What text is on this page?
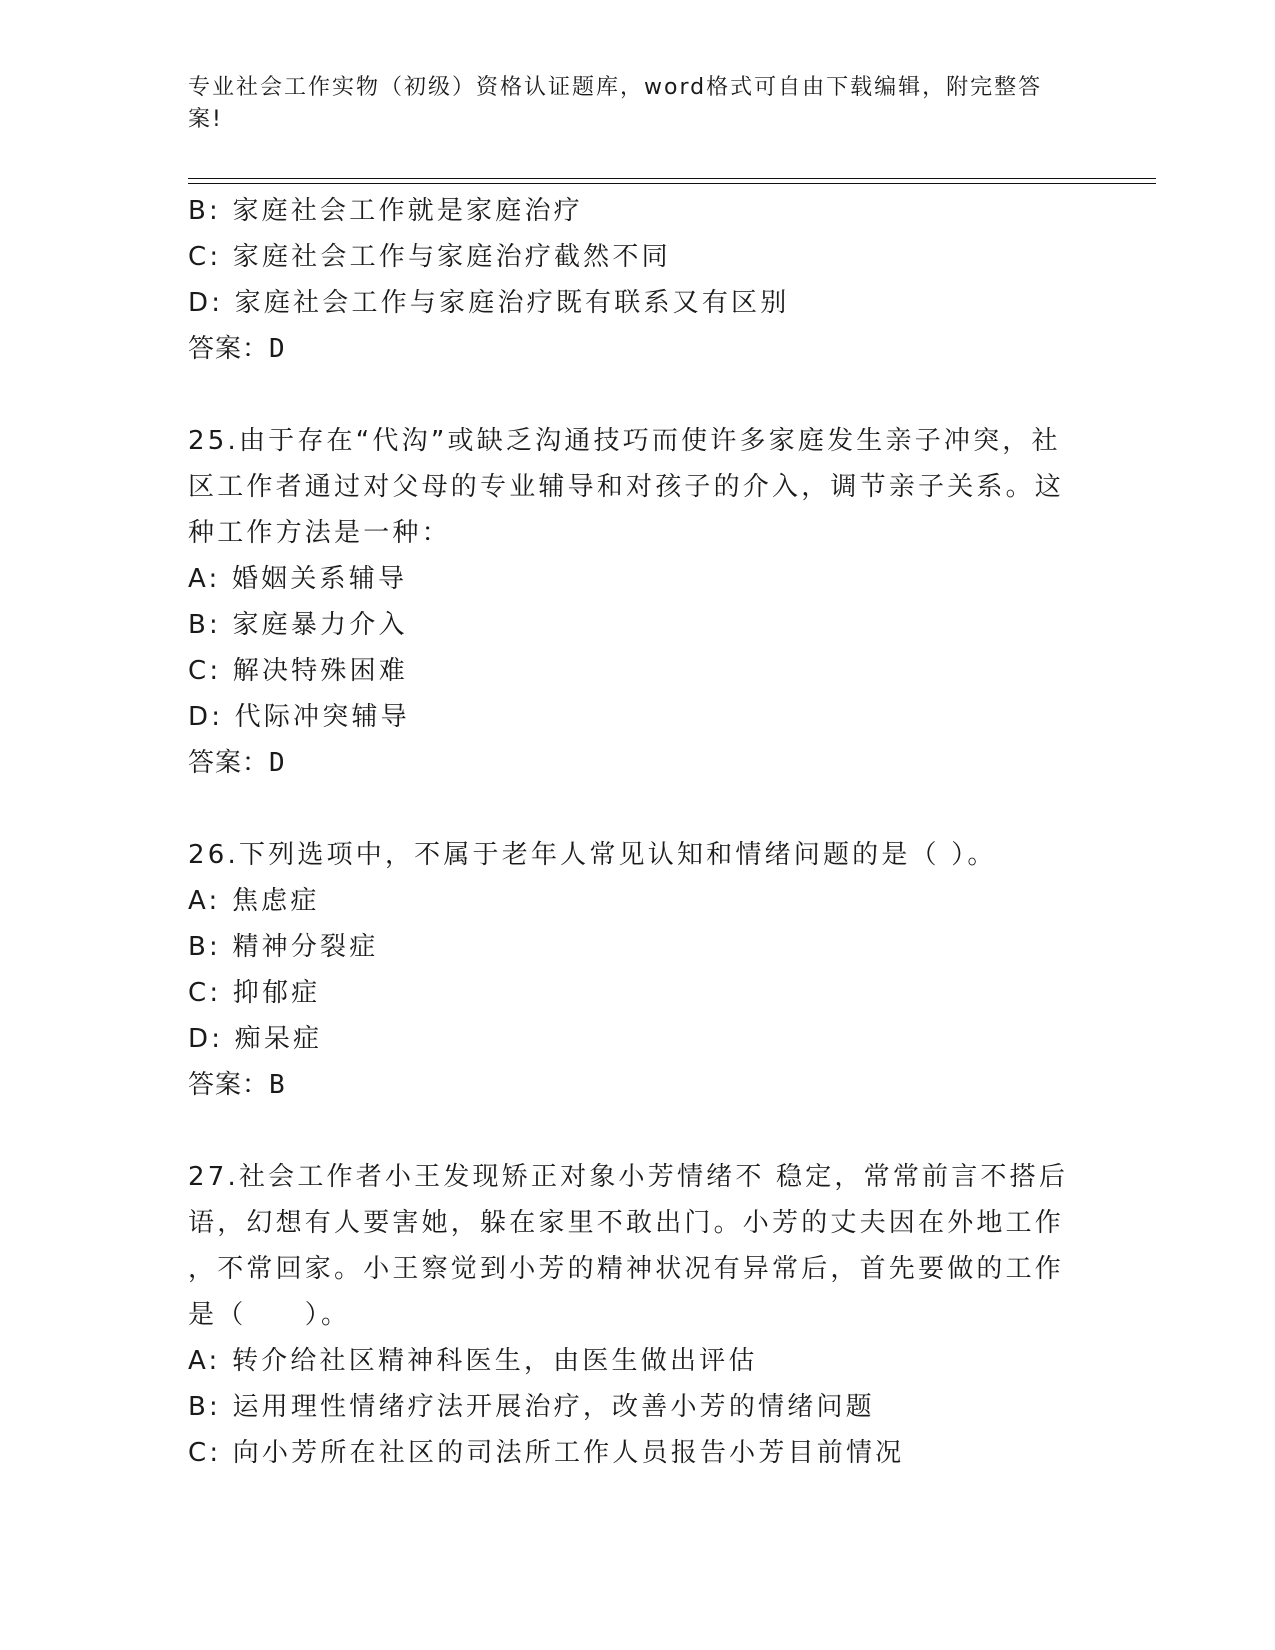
专业社会工作实物（初级）资格认证题库，word格式可自由下载编辑，附完整答
案!
B: 家庭社会工作就是家庭治疗
C: 家庭社会工作与家庭治疗截然不同
D: 家庭社会工作与家庭治疗既有联系又有区别
答案：D
25.由于存在“代沟”或缺乏沟通技巧而使许多家庭发生亲子冲突，社
区工作者通过对父母的专业辅导和对孩子的介入，调节亲子关系。这
种工作方法是一种：
A: 婚姻关系辅导
B: 家庭暴力介入
C: 解决特殊困难
D: 代际冲突辅导
答案：D
26.下列选项中，不属于老年人常见认知和情绪问题的是（ ）。
A: 焦虑症
B: 精神分裂症
C: 抑郁症
D: 痴呆症
答案：B
27.社会工作者小王发现矫正对象小芳情绪不 稳定，常常前言不搭后
语，幻想有人要害她，躲在家里不敢出门。小芳的丈夫因在外地工作
，不常回家。小王察觉到小芳的精神状况有异常后，首先要做的工作
是（　　）。
A: 转介给社区精神科医生，由医生做出评估
B: 运用理性情绪疗法开展治疗，改善小芳的情绪问题
C: 向小芳所在社区的司法所工作人员报告小芳目前情况
